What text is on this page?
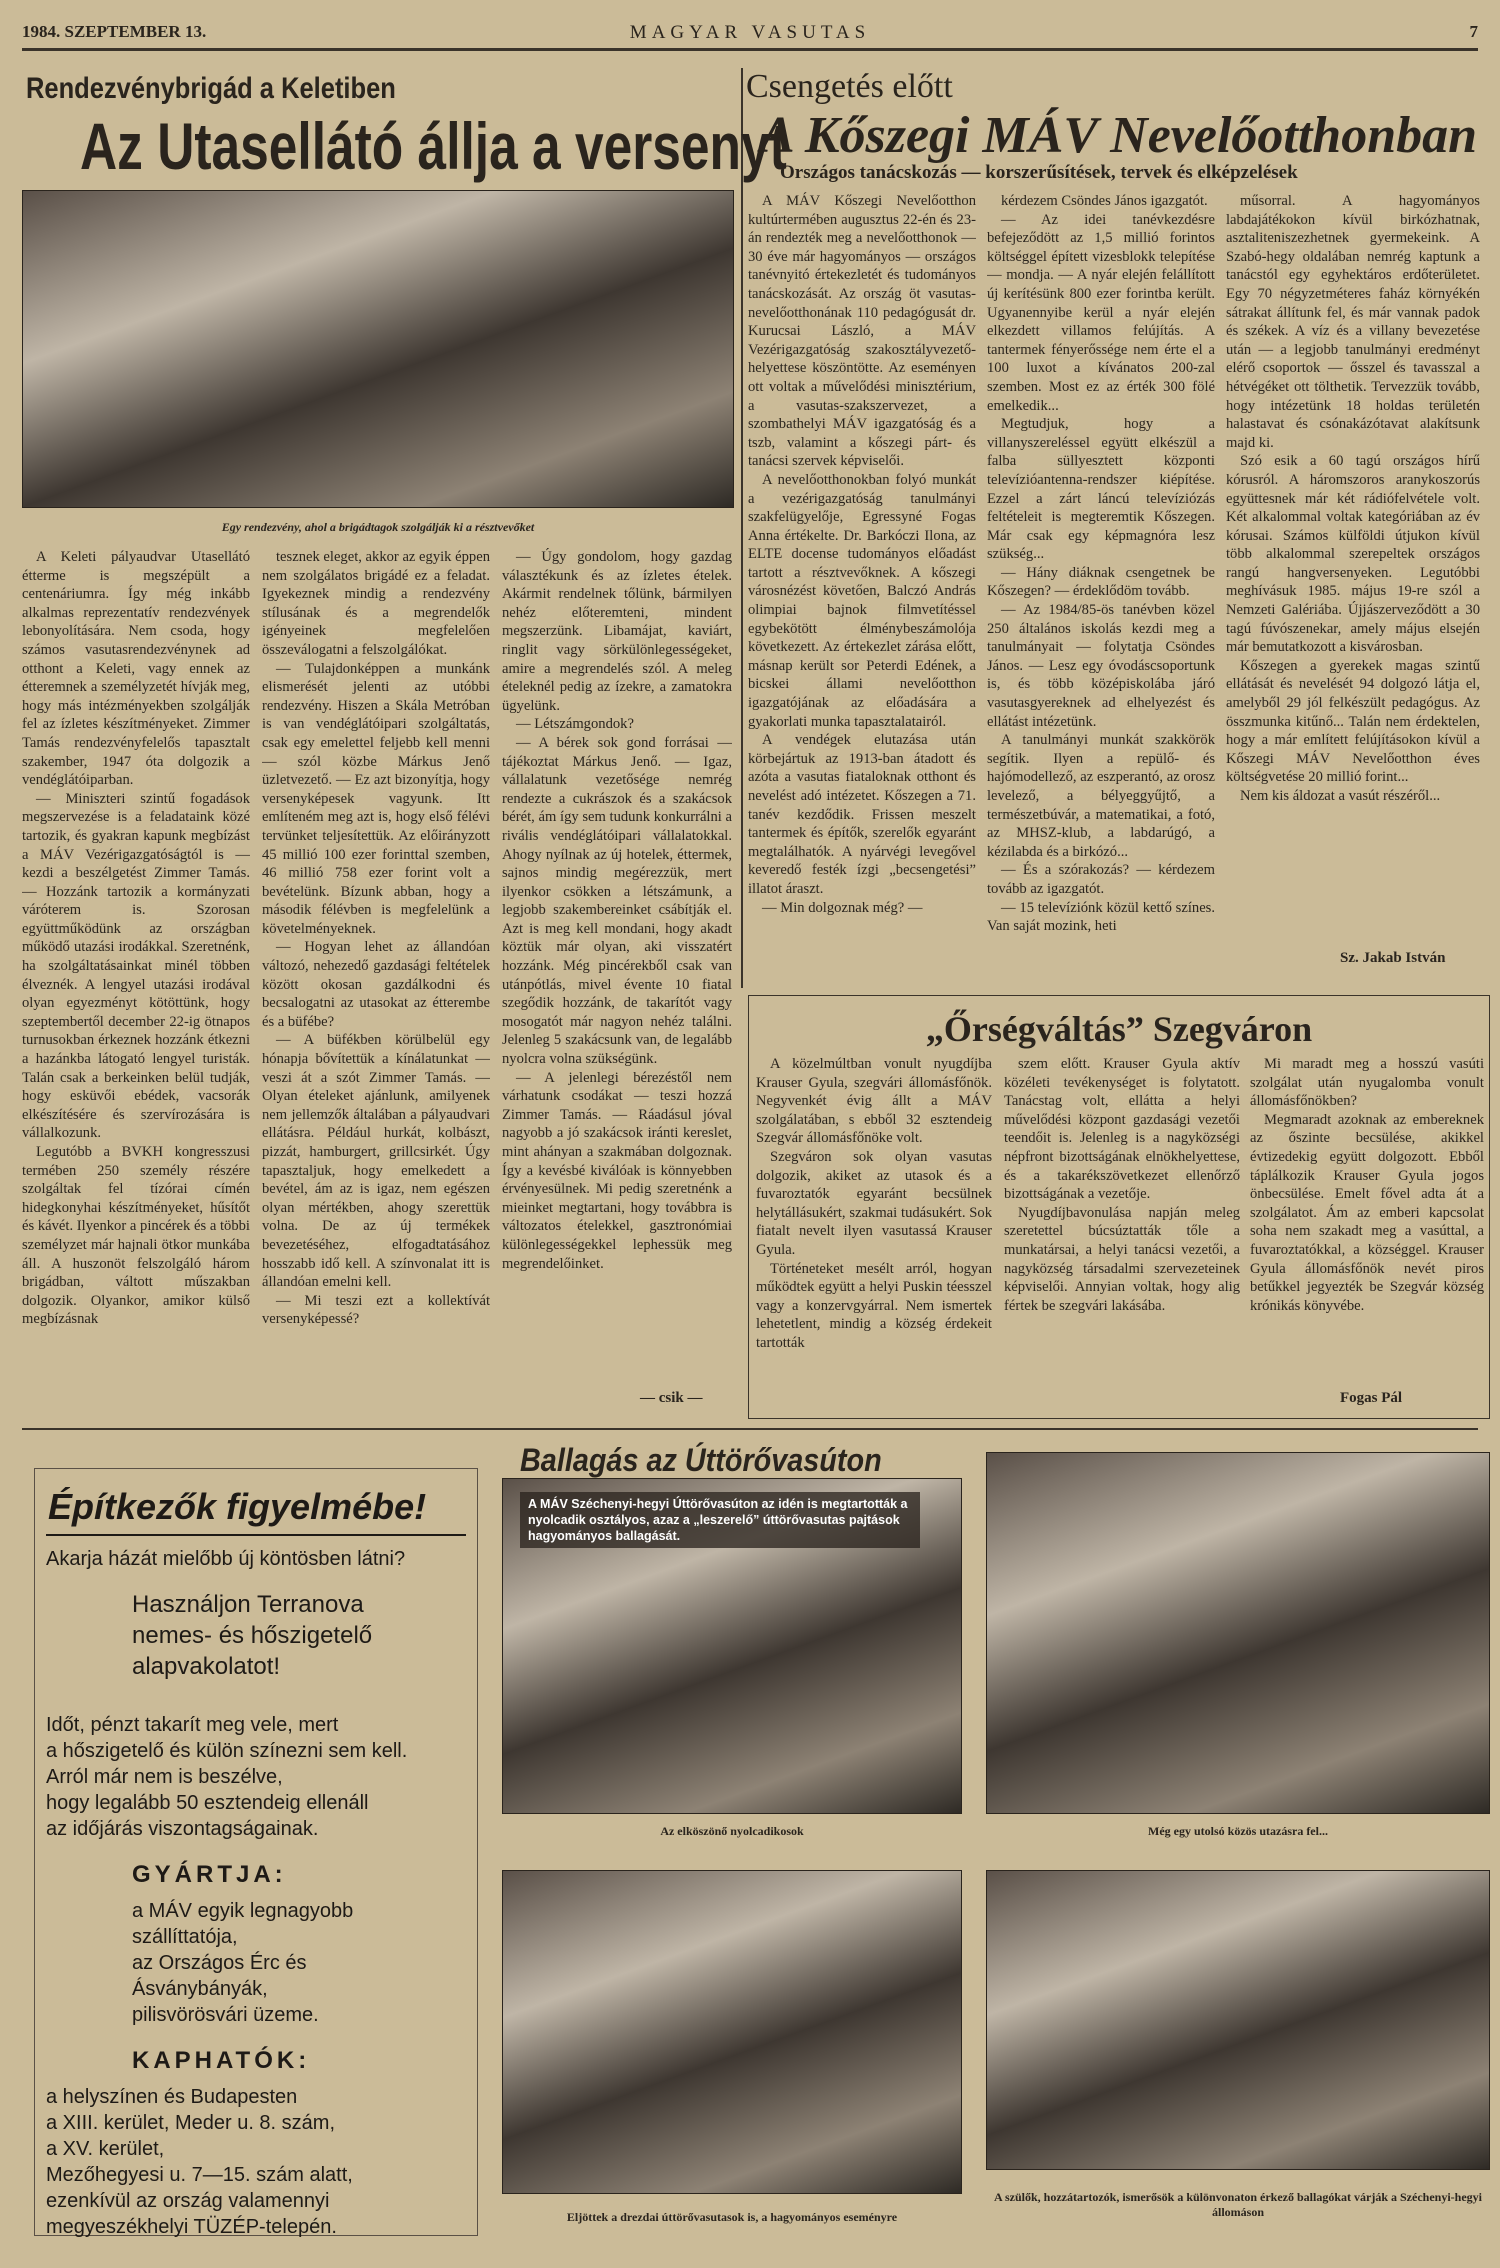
1984. SZEPTEMBER 13.	MAGYAR VASUTAS	7
Rendezvénybrigád a Keletiben
Az Utasellátó állja a versenyt
Egy rendezvény, ahol a brigádtagok szolgálják ki a résztvevőket

A Keleti pályaudvar Utasellátó étterme is megszépült a centenáriumra. Így még inkább alkalmas reprezentatív rendezvények lebonyolítására. Nem csoda, hogy számos vasutasrendezvénynek ad otthont a Keleti, vagy ennek az étteremnek a személyzetét hívják meg, hogy más intézményekben szolgálják fel az ízletes készítményeket. Zimmer Tamás rendezvényfelelős tapasztalt szakember, 1947 óta dolgozik a vendéglátóiparban.

— Miniszteri szintű fogadások megszervezése is a feladataink közé tartozik, és gyakran kapunk megbízást a MÁV Vezérigazgatóságtól is — kezdi a beszélgetést Zimmer Tamás. — Hozzánk tartozik a kormányzati váróterem is. Szorosan együttműködünk az országban működő utazási irodákkal. Szeretnénk, ha szolgáltatásainkat minél többen élveznék. A lengyel utazási irodával olyan egyezményt kötöttünk, hogy szeptembertől december 22-ig ötnapos turnusokban érkeznek hozzánk étkezni a hazánkba látogató lengyel turisták. Talán csak a berkeinken belül tudják, hogy esküvői ebédek, vacsorák elkészítésére és szervírozására is vállalkozunk.

Legutóbb a BVKH kongresszusi termében 250 személy részére szolgáltak fel tízórai címén hidegkonyhai készítményeket, hűsítőt és kávét. Ilyenkor a pincérek és a többi személyzet már hajnali ötkor munkába áll. A huszonöt felszolgáló három brigádban, váltott műszakban dolgozik. Olyankor, amikor külső megbízásnak

tesznek eleget, akkor az egyik éppen nem szolgálatos brigádé ez a feladat. Igyekeznek mindig a rendezvény stílusának és a megrendelők igényeinek megfelelően összeválogatni a felszolgálókat.

— Tulajdonképpen a munkánk elismerését jelenti az utóbbi rendezvény. Hiszen a Skála Metróban is van vendéglátóipari szolgáltatás, csak egy emelettel feljebb kell menni — szól közbe Márkus Jenő üzletvezető. — Ez azt bizonyítja, hogy versenyképesek vagyunk. Itt említeném meg azt is, hogy első félévi tervünket teljesítettük. Az előirányzott 45 millió 100 ezer forinttal szemben, 46 millió 758 ezer forint volt a bevételünk. Bízunk abban, hogy a második félévben is megfelelünk a követelményeknek.

— Hogyan lehet az állandóan változó, nehezedő gazdasági feltételek között okosan gazdálkodni és becsalogatni az utasokat az étterembe és a büfébe?

— A büfékben körülbelül egy hónapja bővítettük a kínálatunkat — veszi át a szót Zimmer Tamás. — Olyan ételeket ajánlunk, amilyenek nem jellemzők általában a pályaudvari ellátásra. Például hurkát, kolbászt, pizzát, hamburgert, grillcsirkét. Úgy tapasztaljuk, hogy emelkedett a bevétel, ám az is igaz, nem egészen olyan mértékben, ahogy szerettük volna. De az új termékek bevezetéséhez, elfogadtatásához hosszabb idő kell. A színvonalat itt is állandóan emelni kell.

— Mi teszi ezt a kollektívát versenyképessé?

— Úgy gondolom, hogy gazdag választékunk és az ízletes ételek. Akármit rendelnek tőlünk, bármilyen nehéz előteremteni, mindent megszerzünk. Libamájat, kaviárt, ringlit vagy sörkülönlegességeket, amire a megrendelés szól. A meleg ételeknél pedig az ízekre, a zamatokra ügyelünk.

— Létszámgondok?

— A bérek sok gond forrásai — tájékoztat Márkus Jenő. — Igaz, vállalatunk vezetősége nemrég rendezte a cukrászok és a szakácsok bérét, ám így sem tudunk konkurrálni a rivális vendéglátóipari vállalatokkal. Ahogy nyílnak az új hotelek, éttermek, sajnos mindig megérezzük, mert ilyenkor csökken a létszámunk, a legjobb szakembereinket csábítják el. Azt is meg kell mondani, hogy akadt köztük már olyan, aki visszatért hozzánk. Még pincérekből csak van utánpótlás, mivel évente 10 fiatal szegődik hozzánk, de takarítót vagy mosogatót már nagyon nehéz találni. Jelenleg 5 szakácsunk van, de legalább nyolcra volna szükségünk.

— A jelenlegi bérezéstől nem várhatunk csodákat — teszi hozzá Zimmer Tamás. — Ráadásul jóval nagyobb a jó szakácsok iránti kereslet, mint ahányan a szakmában dolgoznak. Így a kevésbé kiválóak is könnyebben érvényesülnek. Mi pedig szeretnénk a mieinket megtartani, hogy továbbra is változatos ételekkel, gasztronómiai különlegességekkel lephessük meg megrendelőinket.

— csik —
Csengetés előtt
A Kőszegi MÁV Nevelőotthonban
Országos tanácskozás — korszerűsítések, tervek és elképzelések

A MÁV Kőszegi Nevelőotthon kultúrtermében augusztus 22-én és 23-án rendezték meg a nevelőotthonok — 30 éve már hagyományos — országos tanévnyitó értekezletét és tudományos tanácskozását. Az ország öt vasutas-nevelőotthonának 110 pedagógusát dr. Kurucsai László, a MÁV Vezérigazgatóság szakosztályvezető-helyettese köszöntötte. Az eseményen ott voltak a művelődési minisztérium, a vasutas-szakszervezet, a szombathelyi MÁV igazgatóság és a tszb, valamint a kőszegi párt- és tanácsi szervek képviselői.

A nevelőotthonokban folyó munkát a vezérigazgatóság tanulmányi szakfelügyelője, Egressyné Fogas Anna értékelte. Dr. Barkóczi Ilona, az ELTE docense tudományos előadást tartott a résztvevőknek. A kőszegi városnézést követően, Balczó András olimpiai bajnok filmvetítéssel egybekötött élménybeszámolója következett. Az értekezlet zárása előtt, másnap került sor Peterdi Edének, a bicskei állami nevelőotthon igazgatójának az előadására a gyakorlati munka tapasztalatairól.

A vendégek elutazása után körbejártuk az 1913-ban átadott és azóta a vasutas fiataloknak otthont és nevelést adó intézetet. Kőszegen a 71. tanév kezdődik. Frissen meszelt tantermek és építők, szerelők egyaránt megtalálhatók. A nyárvégi levegővel keveredő festék ízgi „becsengetési” illatot áraszt.

— Min dolgoznak még? —

kérdezem Csöndes János igazgatót.

— Az idei tanévkezdésre befejeződött az 1,5 millió forintos költséggel épített vizesblokk telepítése — mondja. — A nyár elején felállított új kerítésünk 800 ezer forintba került. Ugyanennyibe kerül a nyár elején elkezdett villamos felújítás. A tantermek fényerőssége nem érte el a 100 luxot a kívánatos 200-zal szemben. Most ez az érték 300 fölé emelkedik...

Megtudjuk, hogy a villanyszereléssel együtt elkészül a falba süllyesztett központi televízióantenna-rendszer kiépítése. Ezzel a zárt láncú televíziózás feltételeit is megteremtik Kőszegen. Már csak egy képmagnóra lesz szükség...

— Hány diáknak csengetnek be Kőszegen? — érdeklődöm tovább.

— Az 1984/85-ös tanévben közel 250 általános iskolás kezdi meg a tanulmányait — folytatja Csöndes János. — Lesz egy óvodáscsoportunk is, és több középiskolába járó vasutasgyereknek ad elhelyezést és ellátást intézetünk.

A tanulmányi munkát szakkörök segítik. Ilyen a repülő- és hajómodellező, az eszperantó, az orosz levelező, a bélyeggyűjtő, a természetbúvár, a matematikai, a fotó, az MHSZ-klub, a labdarúgó, a kézilabda és a birkózó...

— És a szórakozás? — kérdezem tovább az igazgatót.

— 15 televíziónk közül kettő színes. Van saját mozink, heti

műsorral. A hagyományos labdajátékokon kívül birkózhatnak, asztaliteniszezhetnek gyermekeink. A Szabó-hegy oldalában nemrég kaptunk a tanácstól egy egyhektáros erdőterületet. Egy 70 négyzetméteres faház környékén sátrakat állítunk fel, és már vannak padok és székek. A víz és a villany bevezetése után — a legjobb tanulmányi eredményt elérő csoportok — ősszel és tavasszal a hétvégéket ott tölthetik. Tervezzük tovább, hogy intézetünk 18 holdas területén halastavat és csónakázótavat alakítsunk majd ki.

Szó esik a 60 tagú országos hírű kórusról. A háromszoros aranykoszorús együttesnek már két rádiófelvétele volt. Két alkalommal voltak kategóriában az év kórusai. Számos külföldi útjukon kívül több alkalommal szerepeltek országos rangú hangversenyeken. Legutóbbi meghívásuk 1985. május 19-re szól a Nemzeti Galériába. Újjászerveződött a 30 tagú fúvószenekar, amely május elsején már bemutatkozott a kisvárosban.

Kőszegen a gyerekek magas szintű ellátását és nevelését 94 dolgozó látja el, amelyből 29 jól felkészült pedagógus. Az összmunka kitűnő... Talán nem érdektelen, hogy a már említett felújításokon kívül a Kőszegi MÁV Nevelőotthon éves költségvetése 20 millió forint...

Nem kis áldozat a vasút részéről...

Sz. Jakab István
„Őrségváltás” Szegváron

A közelmúltban vonult nyugdíjba Krauser Gyula, szegvári állomásfőnök. Negyvenkét évig állt a MÁV szolgálatában, s ebből 32 esztendeig Szegvár állomásfőnöke volt.

Szegváron sok olyan vasutas dolgozik, akiket az utasok és a fuvaroztatók egyaránt becsülnek helytállásukért, szakmai tudásukért. Sok fiatalt nevelt ilyen vasutassá Krauser Gyula.

Történeteket mesélt arról, hogyan működtek együtt a helyi Puskin téesszel vagy a konzervgyárral. Nem ismertek lehetetlent, mindig a község érdekeit tartották

szem előtt. Krauser Gyula aktív közéleti tevékenységet is folytatott. Tanácstag volt, ellátta a helyi művelődési központ gazdasági vezetői teendőit is. Jelenleg is a nagyközségi népfront bizottságának elnökhelyettese, és a takarékszövetkezet ellenőrző bizottságának a vezetője.

Nyugdíjbavonulása napján meleg szeretettel búcsúztatták tőle a munkatársai, a helyi tanácsi vezetői, a nagyközség társadalmi szervezeteinek képviselői. Annyian voltak, hogy alig fértek be szegvári lakásába.

Mi maradt meg a hosszú vasúti szolgálat után nyugalomba vonult állomásfőnökben?

Megmaradt azoknak az embereknek az őszinte becsülése, akikkel évtizedekig együtt dolgozott. Ebből táplálkozik Krauser Gyula jogos önbecsülése. Emelt fővel adta át a szolgálatot. Ám az emberi kapcsolat soha nem szakadt meg a vasúttal, a fuvaroztatókkal, a községgel. Krauser Gyula állomásfőnök nevét piros betűkkel jegyezték be Szegvár község krónikás könyvébe.

Fogas Pál
Építkezők figyelmébe!
Akarja házát mielőbb új köntösben látni?
Használjon Terranova
nemes- és hőszigetelő
alapvakolatot!
Időt, pénzt takarít meg vele, mert
a hőszigetelő és külön színezni sem kell.
Arról már nem is beszélve,
hogy legalább 50 esztendeig ellenáll
az időjárás viszontagságainak.
GYÁRTJA:
a MÁV egyik legnagyobb
szállíttatója,
az Országos Érc és
Ásványbányák,
pilisvörösvári üzeme.
KAPHATÓK:
a helyszínen és Budapesten
a XIII. kerület, Meder u. 8. szám,
a XV. kerület,
Mezőhegyesi u. 7—15. szám alatt,
ezenkívül az ország valamennyi
megyeszékhelyi TÜZÉP-telepén.
Ballagás az Úttörővasúton
A MÁV Széchenyi-hegyi Úttörővasúton az idén is megtartották a nyolcadik osztályos, azaz a „leszerelő” úttörővasutas pajtások hagyományos ballagását.
Az elköszönő nyolcadikosok	Még egy utolsó közös utazásra fel...
Eljöttek a drezdai úttörővasutasok is, a hagyományos eseményre
A szülők, hozzátartozók, ismerősök a különvonaton érkező ballagókat várják a Széchenyi-hegyi állomáson
